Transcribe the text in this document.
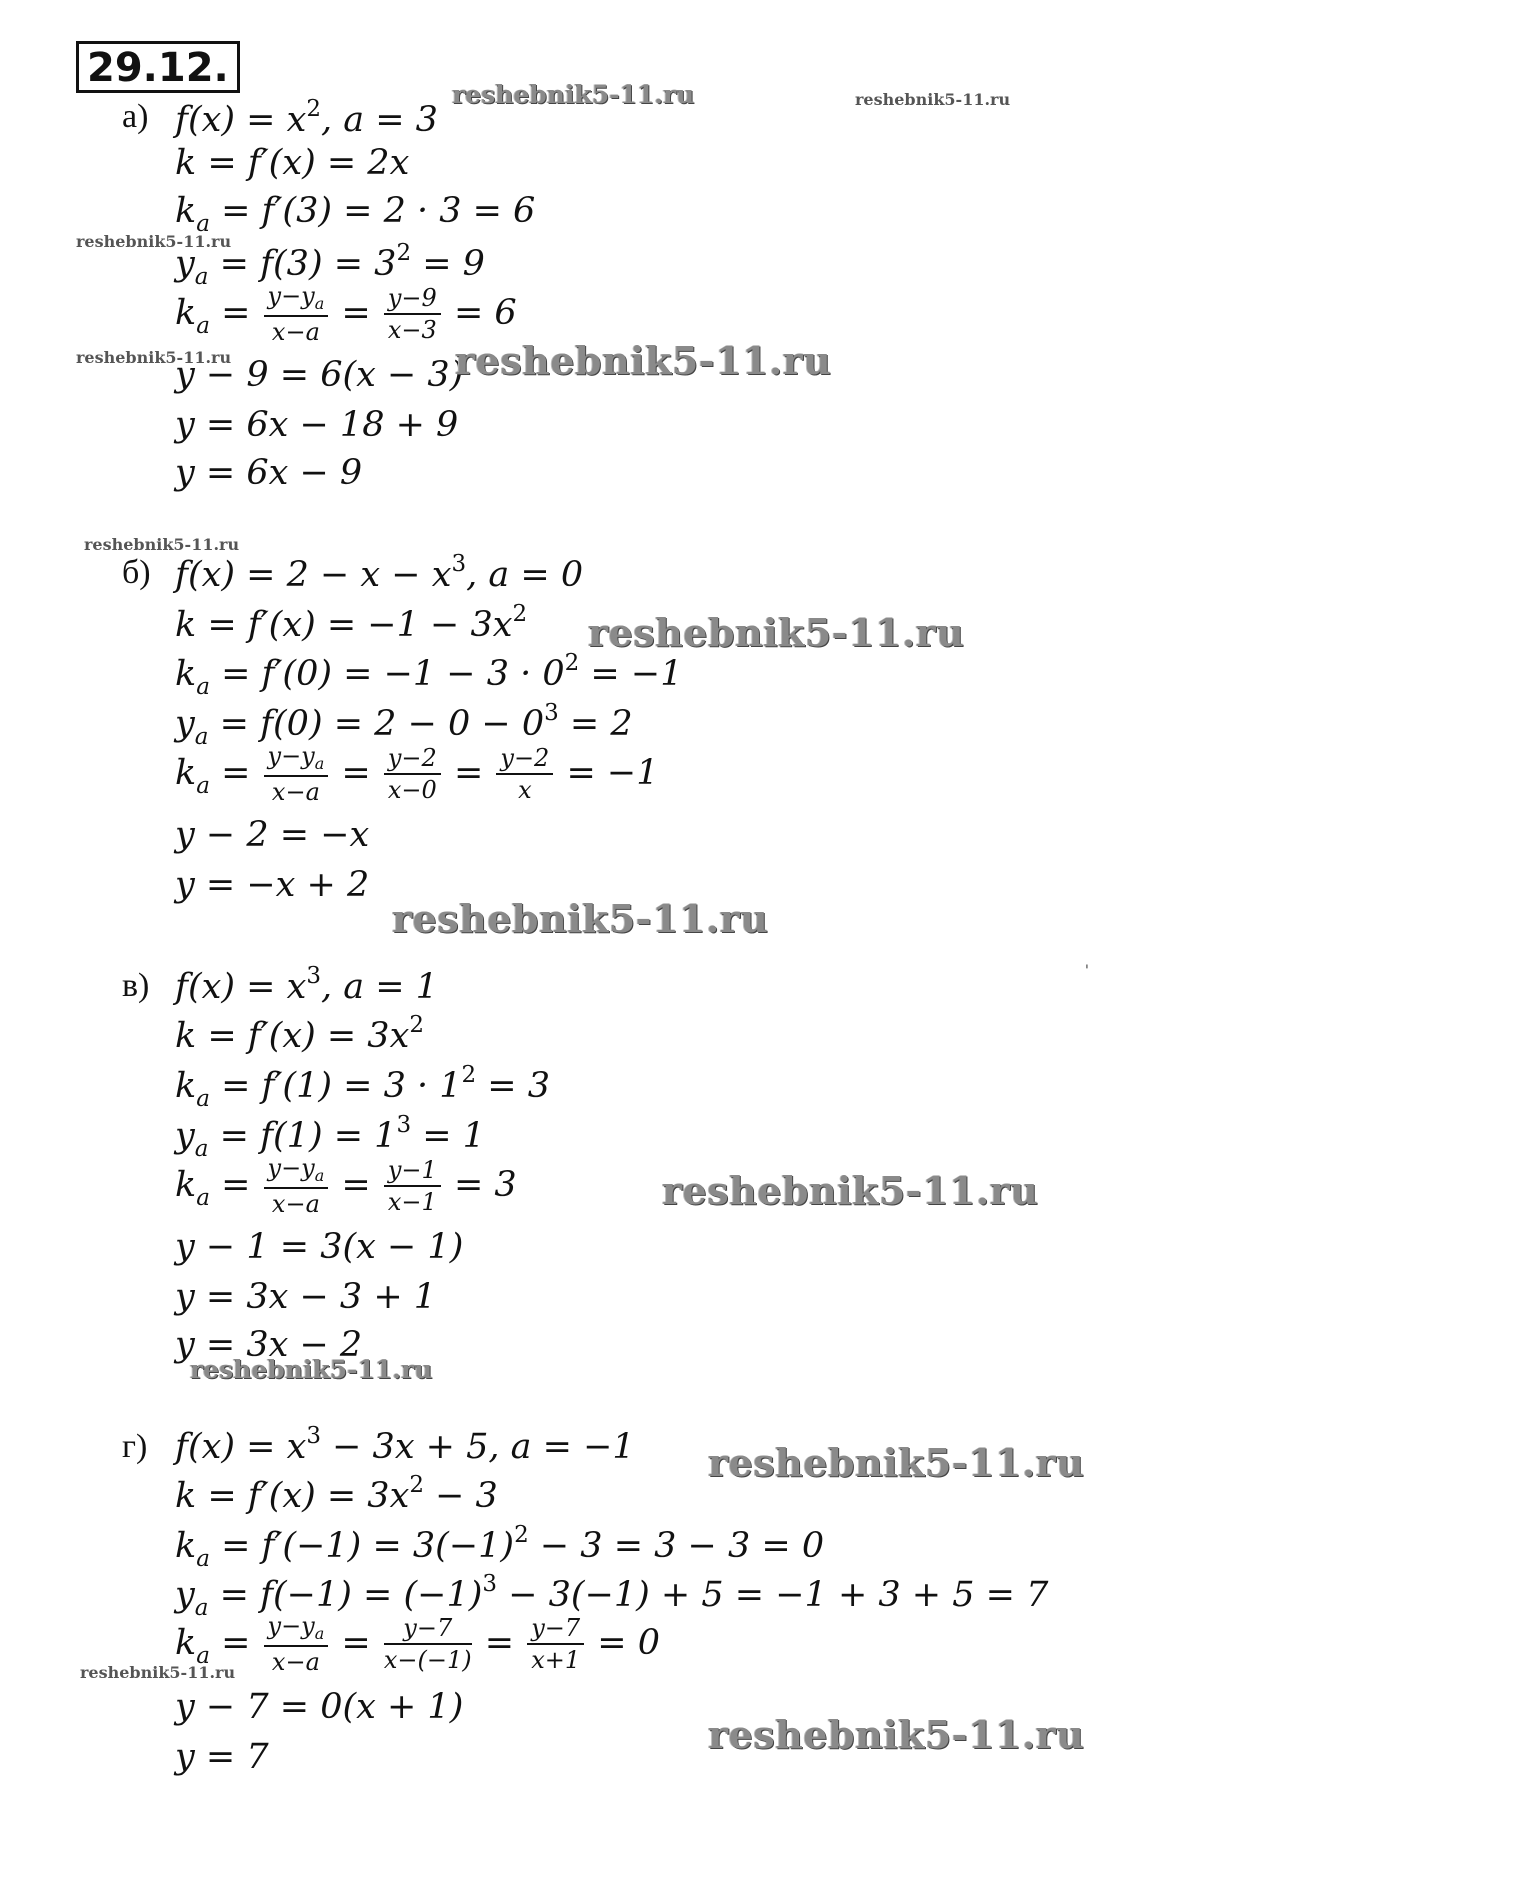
29.12.
а) $f(x) = x^2$, a = 3
k = f′(x) = 2x
$k_a = f'(3) = 2 \cdot 3 = 6$
$y_a = f(3) = 3^2 = 9$
$k_a = \frac{y-y_a}{x-a} = \frac{y-9}{x-3} = 6$
y − 9 = 6(x − 3)
y = 6x − 18 + 9
y = 6x − 9
б) $f(x) = 2 - x - x^3$, a = 0
$k = f'(x) = -1 - 3x^2$
$k_a = f'(0) = -1 - 3 \cdot 0^2 = -1$
$y_a = f(0) = 2 - 0 - 0^3 = 2$
$k_a = \frac{y-y_a}{x-a} = \frac{y-2}{x-0} = \frac{y-2}{x} = -1$
y − 2 = −x
y = −x + 2
в) $f(x) = x^3$, a = 1
$k = f'(x) = 3x^2$
$k_a = f'(1) = 3 \cdot 1^2 = 3$
$y_a = f(1) = 1^3 = 1$
$k_a = \frac{y-y_a}{x-a} = \frac{y-1}{x-1} = 3$
y − 1 = 3(x − 1)
y = 3x − 3 + 1
y = 3x − 2
г) $f(x) = x^3 - 3x + 5$, a = −1
$k = f'(x) = 3x^2 - 3$
$k_a = f'(-1) = 3(-1)^2 - 3 = 3 - 3 = 0$
$y_a = f(-1) = (-1)^3 - 3(-1) + 5 = -1 + 3 + 5 = 7$
$k_a = \frac{y-y_a}{x-a} = \frac{y-7}{x-(-1)} = \frac{y-7}{x+1} = 0$
y − 7 = 0(x + 1)
y = 7
reshebnik5-11.ru	reshebnik5-11.ru
reshebnik5-11.ru
reshebnik5-11.ru	reshebnik5-11.ru
reshebnik5-11.ru
reshebnik5-11.ru
reshebnik5-11.ru
reshebnik5-11.ru
reshebnik5-11.ru
reshebnik5-11.ru
reshebnik5-11.ru
reshebnik5-11.ru
'
